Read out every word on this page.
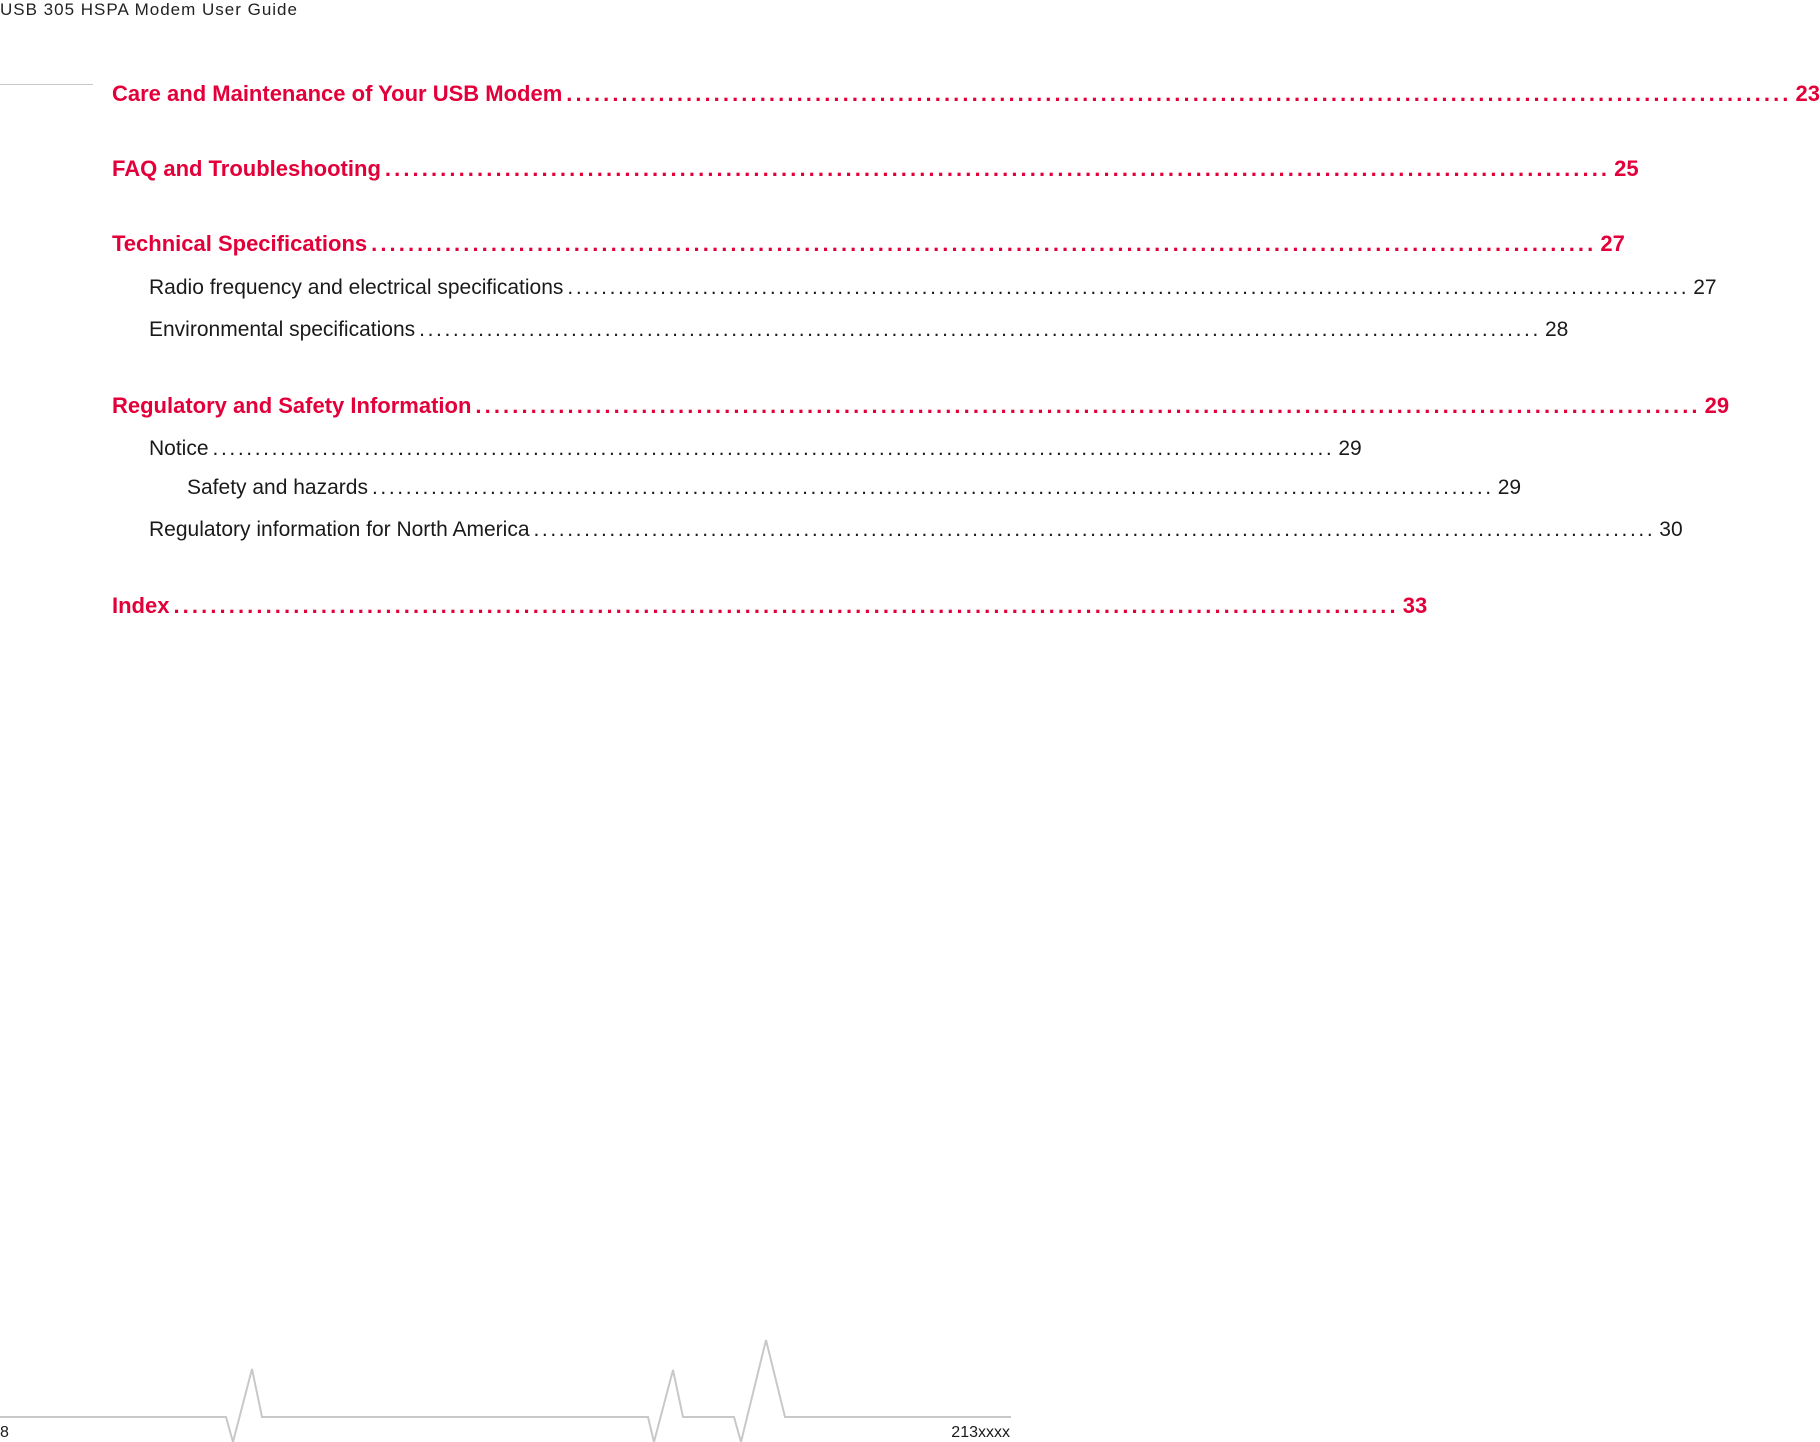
USB 305 HSPA Modem User Guide
Care and Maintenance of Your USB Modem ..................................................................................................................................... 23
FAQ and Troubleshooting ..................................................................................................................................... 25
Technical Specifications ..................................................................................................................................... 27
Radio frequency and electrical specifications ..................................................................................................................................... 27
Environmental specifications ..................................................................................................................................... 28
Regulatory and Safety Information ..................................................................................................................................... 29
Notice ..................................................................................................................................... 29
Safety and hazards ..................................................................................................................................... 29
Regulatory information for North America ..................................................................................................................................... 30
Index ..................................................................................................................................... 33
8	213xxxx
